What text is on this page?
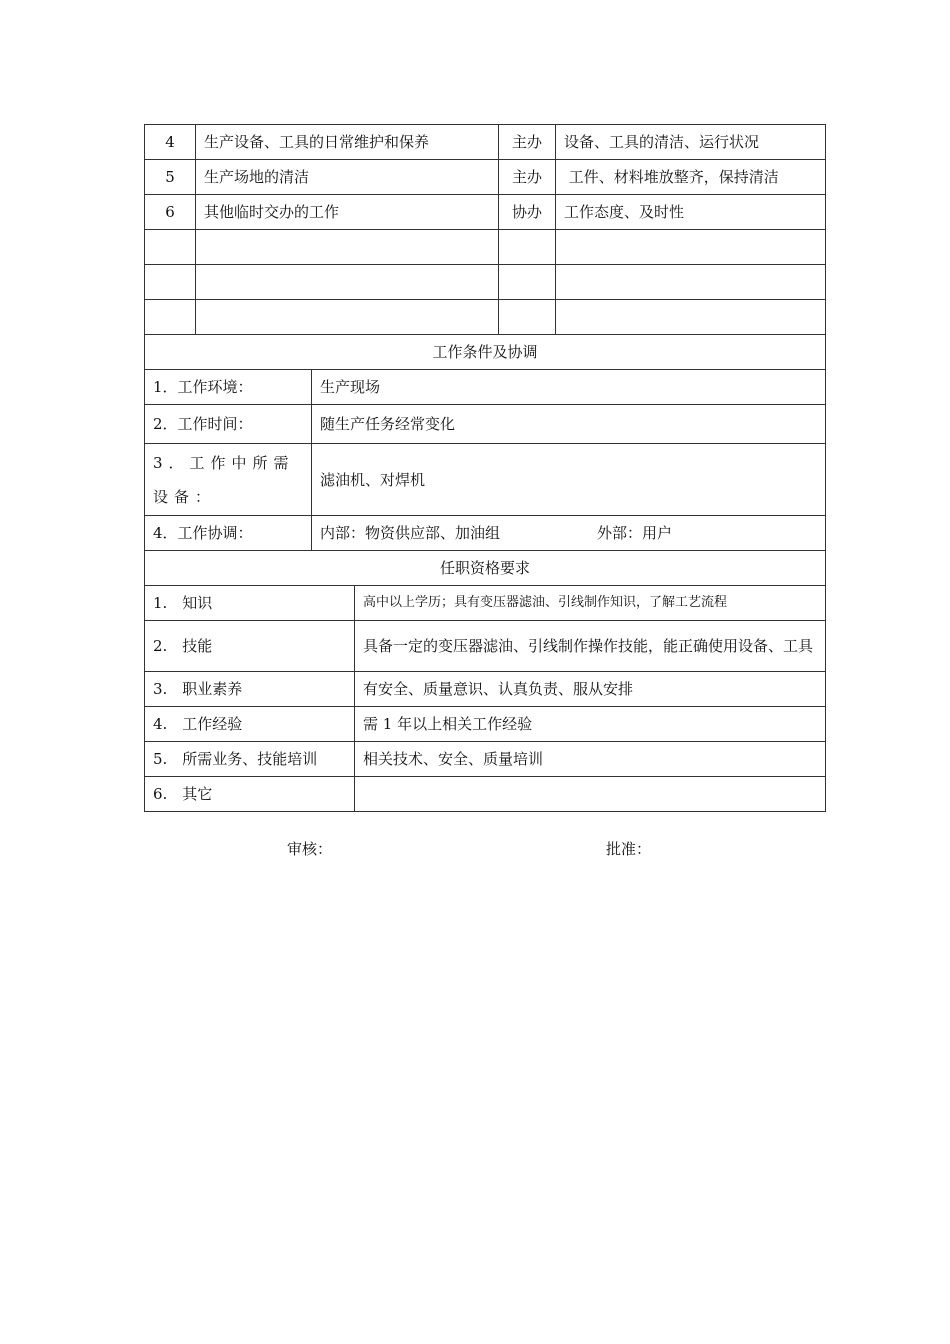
4	生产设备、工具的日常维护和保养	主办	设备、工具的清洁、运行状况
5	生产场地的清洁	主办	工件、材料堆放整齐，保持清洁
6	其他临时交办的工作	协办	工作态度、及时性

工作条件及协调	
1．工作环境：	生产现场
2．工作时间：	随生产任务经常变化
3．工作中所需设备：	滤油机、对焊机
4．工作协调：	内部：物资供应部、加油组 外部：用户
任职资格要求	
1.　知识	高中以上学历；具有变压器滤油、引线制作知识，了解工艺流程
2.　技能	具备一定的变压器滤油、引线制作操作技能，能正确使用设备、工具
3.　职业素养	有安全、质量意识、认真负责、服从安排
4.　工作经验	需 1 年以上相关工作经验
5.　所需业务、技能培训	相关技术、安全、质量培训
6.　其它	
审核：	批准：
